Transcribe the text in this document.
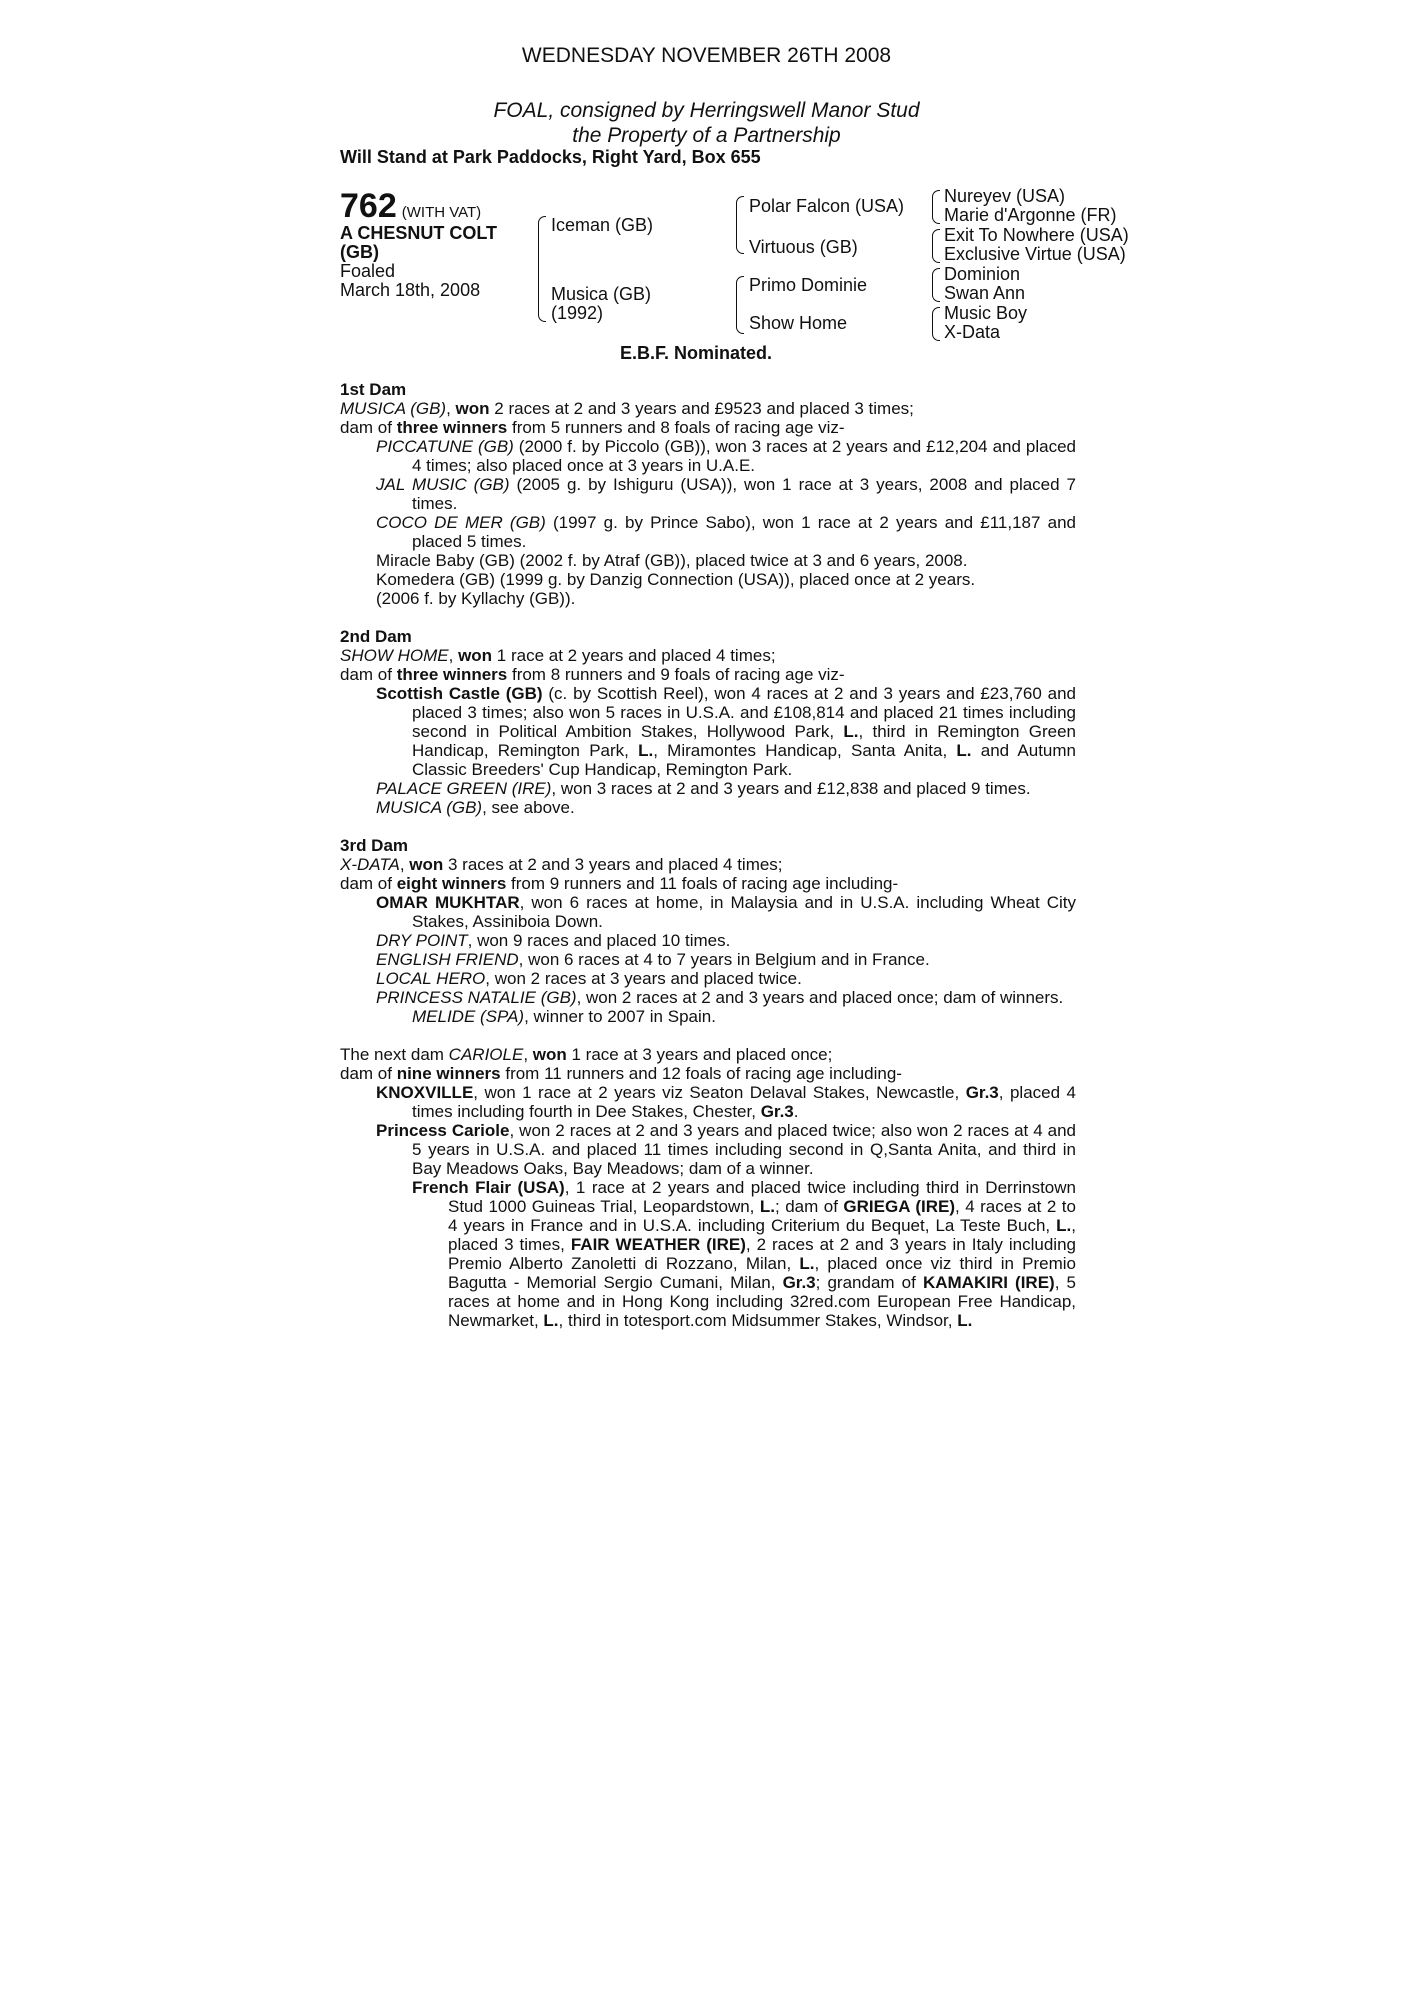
WEDNESDAY NOVEMBER 26TH 2008
FOAL, consigned by Herringswell Manor Stud
the Property of a Partnership
Will Stand at Park Paddocks, Right Yard, Box 655
762 (WITH VAT)
A CHESNUT COLT
(GB)
Foaled
March 18th, 2008
Iceman (GB)
Musica (GB)
(1992)
Polar Falcon (USA)
Virtuous (GB)
Primo Dominie
Show Home
Nureyev (USA)
Marie d'Argonne (FR)
Exit To Nowhere (USA)
Exclusive Virtue (USA)
Dominion
Swan Ann
Music Boy
X-Data
E.B.F. Nominated.

1st Dam

MUSICA (GB), won 2 races at 2 and 3 years and £9523 and placed 3 times;

dam of three winners from 5 runners and 8 foals of racing age viz-

PICCATUNE (GB) (2000 f. by Piccolo (GB)), won 3 races at 2 years and £12,204 and placed 4 times; also placed once at 3 years in U.A.E.

JAL MUSIC (GB) (2005 g. by Ishiguru (USA)), won 1 race at 3 years, 2008 and placed 7 times.

COCO DE MER (GB) (1997 g. by Prince Sabo), won 1 race at 2 years and £11,187 and placed 5 times.

Miracle Baby (GB) (2002 f. by Atraf (GB)), placed twice at 3 and 6 years, 2008.

Komedera (GB) (1999 g. by Danzig Connection (USA)), placed once at 2 years.

(2006 f. by Kyllachy (GB)).

2nd Dam

SHOW HOME, won 1 race at 2 years and placed 4 times;

dam of three winners from 8 runners and 9 foals of racing age viz-

Scottish Castle (GB) (c. by Scottish Reel), won 4 races at 2 and 3 years and £23,760 and placed 3 times; also won 5 races in U.S.A. and £108,814 and placed 21 times including second in Political Ambition Stakes, Hollywood Park, L., third in Remington Green Handicap, Remington Park, L., Miramontes Handicap, Santa Anita, L. and Autumn Classic Breeders' Cup Handicap, Remington Park.

PALACE GREEN (IRE), won 3 races at 2 and 3 years and £12,838 and placed 9 times.

MUSICA (GB), see above.

3rd Dam

X-DATA, won 3 races at 2 and 3 years and placed 4 times;

dam of eight winners from 9 runners and 11 foals of racing age including-

OMAR MUKHTAR, won 6 races at home, in Malaysia and in U.S.A. including Wheat City Stakes, Assiniboia Down.

DRY POINT, won 9 races and placed 10 times.

ENGLISH FRIEND, won 6 races at 4 to 7 years in Belgium and in France.

LOCAL HERO, won 2 races at 3 years and placed twice.

PRINCESS NATALIE (GB), won 2 races at 2 and 3 years and placed once; dam of winners.

MELIDE (SPA), winner to 2007 in Spain.

The next dam CARIOLE, won 1 race at 3 years and placed once;

dam of nine winners from 11 runners and 12 foals of racing age including-

KNOXVILLE, won 1 race at 2 years viz Seaton Delaval Stakes, Newcastle, Gr.3, placed 4 times including fourth in Dee Stakes, Chester, Gr.3.

Princess Cariole, won 2 races at 2 and 3 years and placed twice; also won 2 races at 4 and 5 years in U.S.A. and placed 11 times including second in Q,Santa Anita, and third in Bay Meadows Oaks, Bay Meadows; dam of a winner.

French Flair (USA), 1 race at 2 years and placed twice including third in Derrinstown Stud 1000 Guineas Trial, Leopardstown, L.; dam of GRIEGA (IRE), 4 races at 2 to 4 years in France and in U.S.A. including Criterium du Bequet, La Teste Buch, L., placed 3 times, FAIR WEATHER (IRE), 2 races at 2 and 3 years in Italy including Premio Alberto Zanoletti di Rozzano, Milan, L., placed once viz third in Premio Bagutta - Memorial Sergio Cumani, Milan, Gr.3; grandam of KAMAKIRI (IRE), 5 races at home and in Hong Kong including 32red.com European Free Handicap, Newmarket, L., third in totesport.com Midsummer Stakes, Windsor, L.
